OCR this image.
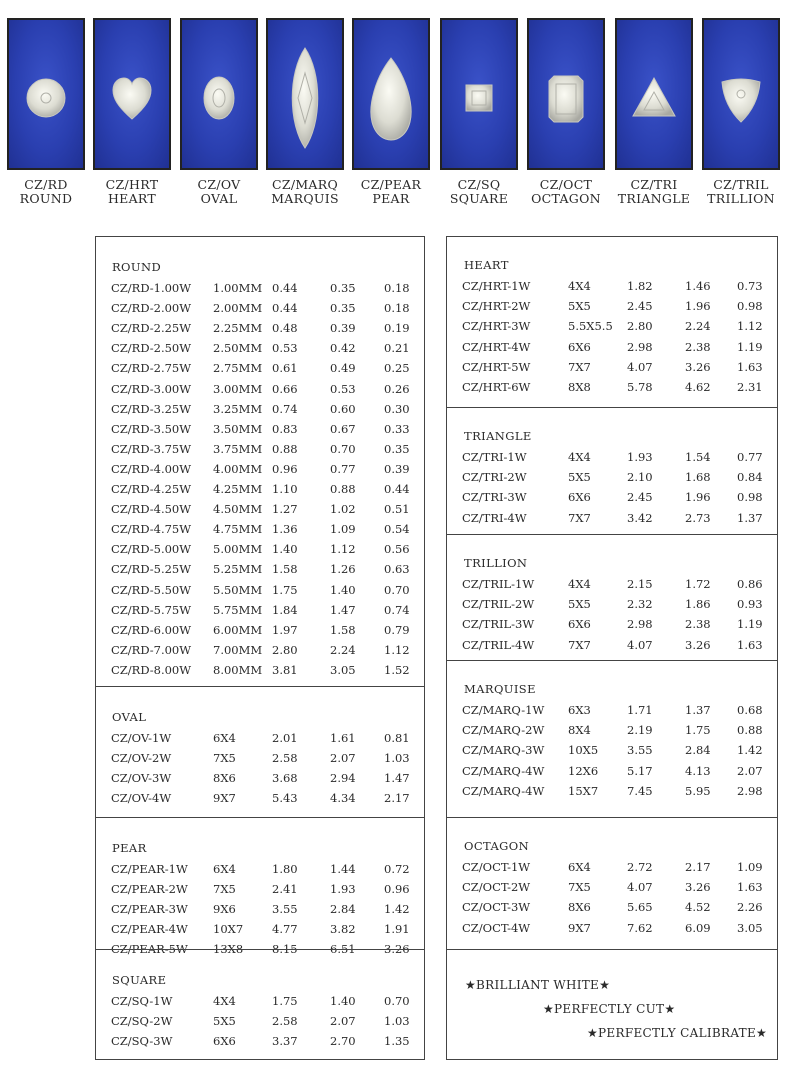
CZ/RD
ROUND
CZ/HRT
HEART
CZ/OV
OVAL
CZ/MARQ
MARQUIS
CZ/PEAR
PEAR
CZ/SQ
SQUARE
CZ/OCT
OCTAGON
CZ/TRI
TRIANGLE
CZ/TRIL
TRILLION
ROUND
CZ/RD-1.00W 1.00MM 0.44	0.35 0.18
CZ/RD-2.00W 2.00MM 0.44	0.35 0.18
CZ/RD-2.25W 2.25MM 0.48	0.39 0.19
CZ/RD-2.50W 2.50MM 0.53	0.42 0.21
CZ/RD-2.75W 2.75MM 0.61	0.49 0.25
CZ/RD-3.00W 3.00MM 0.66	0.53 0.26
CZ/RD-3.25W 3.25MM 0.74	0.60 0.30
CZ/RD-3.50W 3.50MM 0.83	0.67 0.33
CZ/RD-3.75W 3.75MM 0.88	0.70 0.35
CZ/RD-4.00W 4.00MM 0.96	0.77 0.39
CZ/RD-4.25W 4.25MM 1.10	0.88 0.44
CZ/RD-4.50W 4.50MM 1.27	1.02 0.51
CZ/RD-4.75W 4.75MM 1.36	1.09 0.54
CZ/RD-5.00W 5.00MM 1.40	1.12 0.56
CZ/RD-5.25W 5.25MM 1.58	1.26 0.63
CZ/RD-5.50W 5.50MM 1.75	1.40 0.70
CZ/RD-5.75W 5.75MM 1.84	1.47 0.74
CZ/RD-6.00W 6.00MM 1.97	1.58 0.79
CZ/RD-7.00W 7.00MM 2.80	2.24 1.12
CZ/RD-8.00W 8.00MM 3.81	3.05 1.52
OVAL
CZ/OV-1W	6X4	2.01	1.61 0.81
CZ/OV-2W	7X5	2.58	2.07 1.03
CZ/OV-3W	8X6	3.68	2.94 1.47
CZ/OV-4W	9X7	5.43	4.34 2.17
PEAR
CZ/PEAR-1W 6X4	1.80	1.44 0.72
CZ/PEAR-2W 7X5	2.41	1.93 0.96
CZ/PEAR-3W 9X6	3.55	2.84 1.42
CZ/PEAR-4W 10X7	4.77	3.82 1.91
CZ/PEAR-5W 13X8	8.15	6.51 3.26
SQUARE
CZ/SQ-1W	4X4	1.75	1.40 0.70
CZ/SQ-2W	5X5	2.58	2.07 1.03
CZ/SQ-3W	6X6	3.37	2.70 1.35
HEART
CZ/HRT-1W	4X4	1.82	1.46 0.73
CZ/HRT-2W	5X5	2.45	1.96 0.98
CZ/HRT-3W	5.5X5.5 2.80	2.24 1.12
CZ/HRT-4W	6X6	2.98	2.38 1.19
CZ/HRT-5W	7X7	4.07	3.26 1.63
CZ/HRT-6W	8X8	5.78	4.62 2.31
TRIANGLE
CZ/TRI-1W	4X4	1.93	1.54 0.77
CZ/TRI-2W	5X5	2.10	1.68 0.84
CZ/TRI-3W	6X6	2.45	1.96 0.98
CZ/TRI-4W	7X7	3.42	2.73 1.37
TRILLION
CZ/TRIL-1W	4X4	2.15	1.72 0.86
CZ/TRIL-2W	5X5	2.32	1.86 0.93
CZ/TRIL-3W	6X6	2.98	2.38 1.19
CZ/TRIL-4W	7X7	4.07	3.26 1.63
MARQUISE
CZ/MARQ-1W 6X3	1.71	1.37 0.68
CZ/MARQ-2W 8X4	2.19	1.75 0.88
CZ/MARQ-3W 10X5	3.55	2.84 1.42
CZ/MARQ-4W 12X6	5.17	4.13 2.07
CZ/MARQ-4W 15X7	7.45	5.95 2.98
OCTAGON
CZ/OCT-1W	6X4	2.72	2.17 1.09
CZ/OCT-2W	7X5	4.07	3.26 1.63
CZ/OCT-3W	8X6	5.65	4.52 2.26
CZ/OCT-4W	9X7	7.62	6.09 3.05
★BRILLIANT WHITE★
★PERFECTLY CUT★
★PERFECTLY CALIBRATE★
